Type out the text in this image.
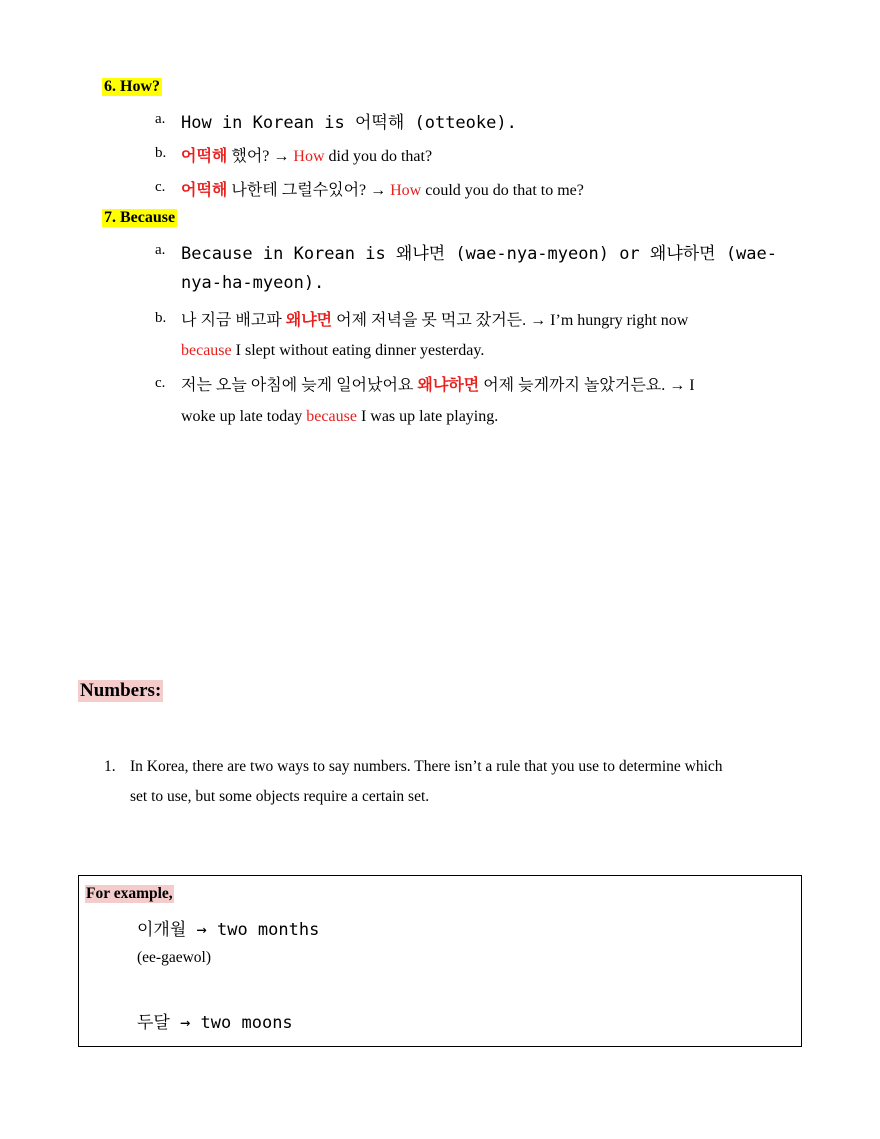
6. How?
a. How in Korean is 어떡해 (otteoke).
b. 어떡해 했어? → How did you do that?
c. 어떡해 나한테 그럴수있어? → How could you do that to me?
7. Because
a. Because in Korean is 왜냐면 (wae-nya-myeon) or 왜냐하면 (wae-
nya-ha-myeon).
b. 나 지금 배고파 왜냐면 어제 저녁을 못 먹고 잤거든. → I’m hungry right now
because I slept without eating dinner yesterday.
c. 저는 오늘 아침에 늦게 일어났어요 왜냐하면 어제 늦게까지 놀았거든요. → I
woke up late today because I was up late playing.
Numbers:
1. In Korea, there are two ways to say numbers. There isn’t a rule that you use to determine which
set to use, but some objects require a certain set.
For example,
이개월 → two months
(ee-gaewol)
두달 → two moons
